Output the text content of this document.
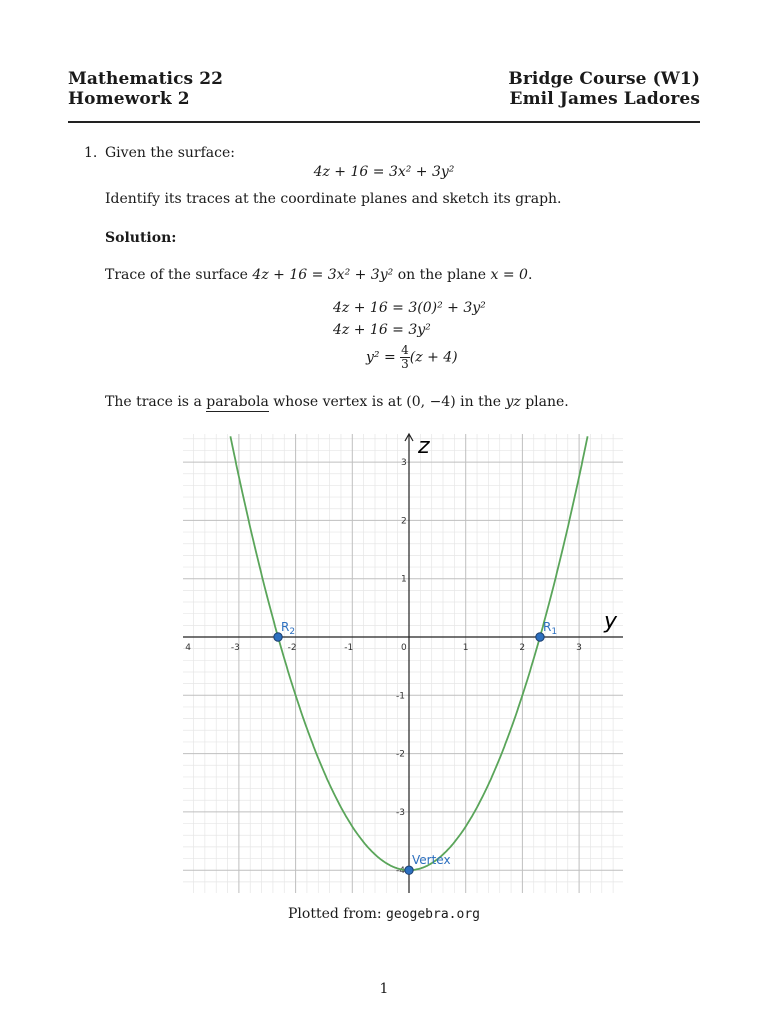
Mathematics 22
Homework 2
Bridge Course (W1)
Emil James Ladores
1. Given the surface:
4z + 16 = 3x² + 3y²
Identify its traces at the coordinate planes and sketch its graph.
Solution:
Trace of the surface 4z + 16 = 3x² + 3y² on the plane x = 0.
4z + 16 = 3(0)² + 3y²
4z + 16 = 3y²
$y^2 = \frac{4}{3} (z + 4)$
The trace is a parabola whose vertex is at (0, −4) in the yz plane.
4	-3	-2	-1	0	1	2	3
3
2
1
-1
-2
-3
-4
$R_2$	$R_1$
Vertex
y
z
Plotted from: geogebra.org
1
